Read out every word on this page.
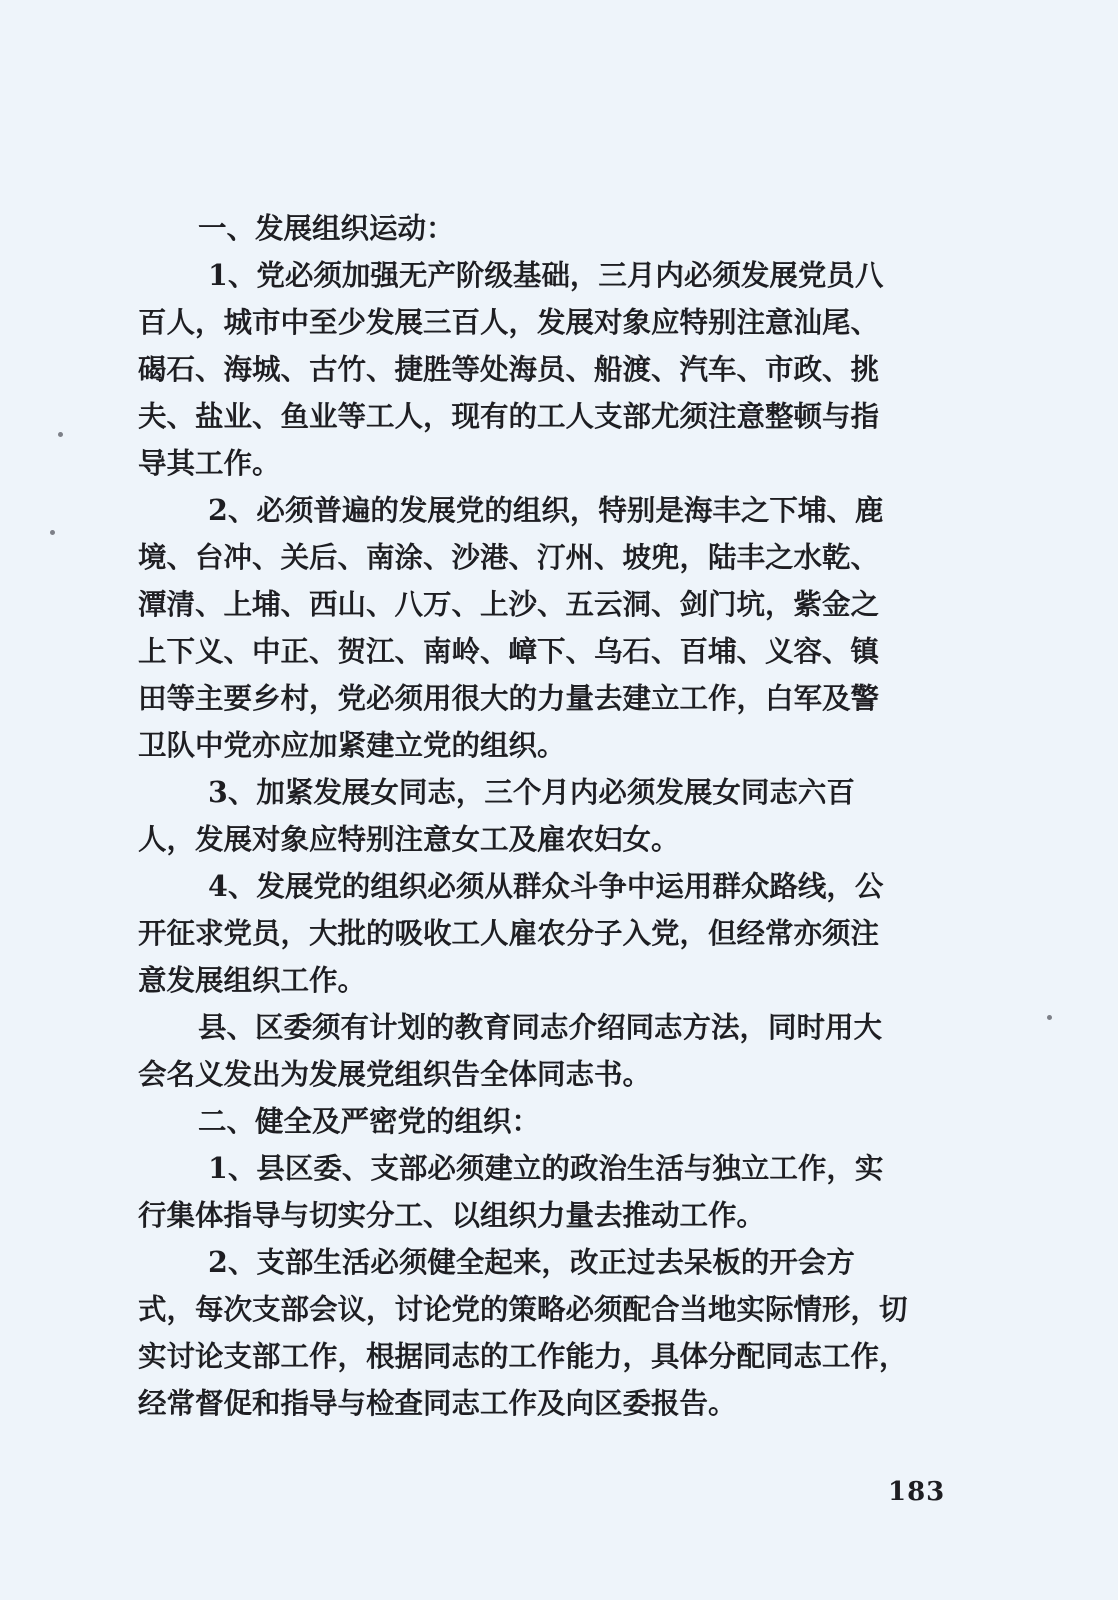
一、发展组织运动：
1、党必须加强无产阶级基础，三月内必须发展党员八
百人，城市中至少发展三百人，发展对象应特别注意汕尾、
碣石、海城、古竹、捷胜等处海员、船渡、汽车、市政、挑
夫、盐业、鱼业等工人，现有的工人支部尤须注意整顿与指
导其工作。
2、必须普遍的发展党的组织，特别是海丰之下埔、鹿
境、台冲、关后、南涂、沙港、汀州、坡兜，陆丰之水乾、
潭清、上埔、西山、八万、上沙、五云洞、剑门坑，紫金之
上下义、中正、贺江、南岭、嶂下、乌石、百埔、义容、镇
田等主要乡村，党必须用很大的力量去建立工作，白军及警
卫队中党亦应加紧建立党的组织。
3、加紧发展女同志，三个月内必须发展女同志六百
人，发展对象应特别注意女工及雇农妇女。
4、发展党的组织必须从群众斗争中运用群众路线，公
开征求党员，大批的吸收工人雇农分子入党，但经常亦须注
意发展组织工作。
县、区委须有计划的教育同志介绍同志方法，同时用大
会名义发出为发展党组织告全体同志书。
二、健全及严密党的组织：
1、县区委、支部必须建立的政治生活与独立工作，实
行集体指导与切实分工、以组织力量去推动工作。
2、支部生活必须健全起来，改正过去呆板的开会方
式，每次支部会议，讨论党的策略必须配合当地实际情形，切
实讨论支部工作，根据同志的工作能力，具体分配同志工作，
经常督促和指导与检查同志工作及向区委报告。
183
